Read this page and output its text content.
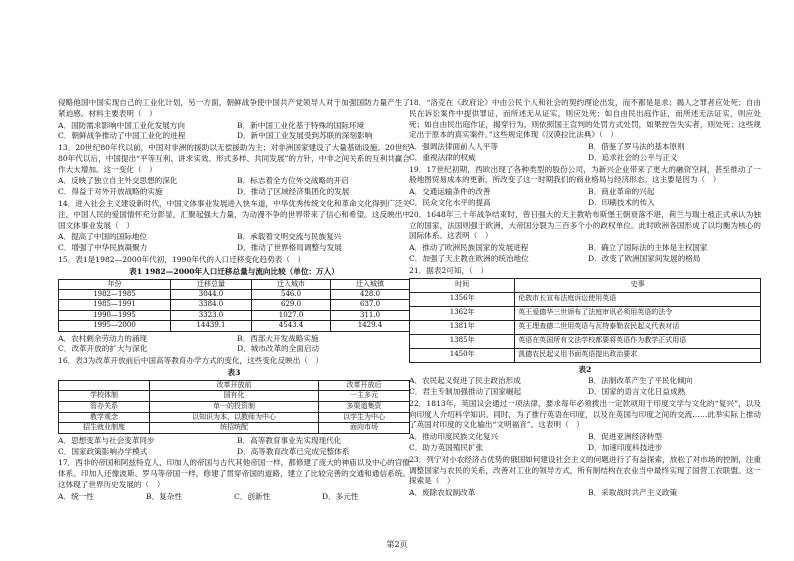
侵略他国中国实现自己的工业化计划，另一方面，朝鲜战争使中国共产党领导人对于加强国防力量产生了紧迫感。材料主要表明（　）

A．国防需求影响中国工业化发展方向	B．新中国工业化基于特殊的国际环境
C．朝鲜战争推动了中国工业化的进程	D．新中国工业发展受到苏联的深刻影响

13．20世纪80年代以前，中国对非洲的援助以无偿援助为主；对非洲国家建设了大量基础设施。20世纪80年代以后，中国提出“平等互利、讲求实效、形式多样、共同发展”的方针，中非之间关系的互利共赢合作大大增加。这一变化（　）

A．反映了独立自主外交思想的深化	B．标志着全方位外交战略的开启
C．得益于对外开放战略的实施	D．推动了区域经济集团化的发展

14．进入社会主义建设新时代，中国文体事业发展进入快车道，中华优秀传统文化和革命文化得到广泛关注，中国人民的爱国情怀充分彰显，汇聚起强大力量，为动漫不争的世界带来了信心和希望。这反映出中国文体事业发展（　）

A．提高了中国的国际地位	B．承载着文明交流与民族复兴
C．增强了中华民族凝聚力	D．推动了世界格局调整与发展

15．表1是1982—2000年代初，1990年代的人口迁移变化趋势表（　）

表1 1982—2000年人口迁移总量与流向比较（单位：万人）

年份	迁移总量	迁入城市	迁入城镇
1982—1985	3044.0	546.0	428.0
1985—1991	3384.0	629.0	637.0
1990—1995	3323.0	1027.0	311.0
1995—2000	14439.1	4543.4	1429.4
A．农村剩余劳动力的涌现	B．西部大开发战略实施
C．改革开放的扩大与深化	D．城市改革的全面启动

16．表3为改革开放前后中国高等教育办学方式的变化，这些变化反映出（　）

表3

	改革开放前	改革开放后
学校体制	国有化	一主多元
管办关系	单一的投资制	多渠道集资
教学观念	以知识为本、以教师为中心	以学生为中心
招生就业制度	统招统配	面向市场
A．思想变革与社会变革同步	B．高等教育事业先实现现代化
C．国家政策影响办学模式	D．高等教育改革已完成完整体系

17．西非的帝国和阿兹特克人、印加人的帝国与古代其他帝国一样，都修建了庞大的神庙以及中心的官僚体系。印加人还像波斯、罗马等帝国一样，修建了贯穿帝国的道路，建立了比较完善的交通和通信系统。这体现了世界历史发展的（　）

A．统一性	B．复杂性	C．创新性	D．多元性

18．“洛克在《政府论》中由公民个人和社会的契约理论出发，而不都是是求；揭人之罪者应处死；自由民在诉讼案件中提供罪证，而所述无从证实，则应处死；如自由民出庭作证，而所述无法证实，则应处死；如自由民出庭作证，揭穿行为，则依照国王宣判的处罚方式处罚，如果控告失实者，则处死；这些规定出于原本的真实案件。”这些规定体现《汉谟拉比法典》（　）

A．强调法律面前人人平等	B．借鉴了罗马法的基本原则
C．重视法律的权威	D．追求社会的公平与正义

19．17世纪初期，西欧出现了各种类型的股份公司，为新兴企业带来了更大的融资空间，甚至推动了一般地图贸易成本的更新，所改变了这一时期我们的商业格局与经济形态。这主要是因为（　）

A．交通运输条件的改善	B．商业革命的兴起
C．民众文化水平的提高	D．印刷技术的传入

20．1648年三十年战争结束时，曾日强大的天主教哈布斯堡王朝衰落不堪，荷兰与瑞士被正式承认为独立的国家，法国则强于欧洲，大帝国分裂为三百多个小的政权单位。此时欧洲各国形成了以均衡为核心的国际体系。这表明（　）

A．推动了欧洲民族国家的发展进程	B．确立了国际法的主体是主权国家
C．加强了天主教在欧洲的统治地位	D．改变了欧洲国家间发展的格局

21．据表2可知，（　）

时间	史事
1356年	伦敦市长宣布法庭诉讼使用英语
1362年	英王爱德华三世颁布了法庭审讯必须用英语的法令
1381年	英王理查德二世用英语与瓦特泰勒农民起义代表对话
1385年	英语在英国所有文法学校都要将英语作为教学正式用语
1450年	凯德农民起义用书面英语提出政治要求

表2

A．农民起义促进了民主政治形成	B．法制改革产生了平民化倾向
C．君主专制加强推动了国家崛起	D．国家的语言文化日益成熟

22．1813年，英国议会通过一项法律，要求每年必须拨出一定款项用于印度文学与文化的“复兴”，以及向印度人介绍科学知识。同时，为了推行英语在印度，以及在英国与印度之间的交流……此举实际上推动了英国对印度的文化输出“文明福音”。这表明（　）

A．推动印度民族文化复兴	B．促进亚洲经济转型
C．助力英国殖民扩张	D．加速印度科技进步

23．列宁对小农经济占优势的俄国如何建设社会主义的问题进行了有益探索，放松了对市场的控制，注重调整国家与农民的关系，改善对工业的领导方式，所有制结构在农业当中最终实现了国营工农联盟。这一探索是（　）

A．废除农奴制改革	B．采取战时共产主义政策
第2页
